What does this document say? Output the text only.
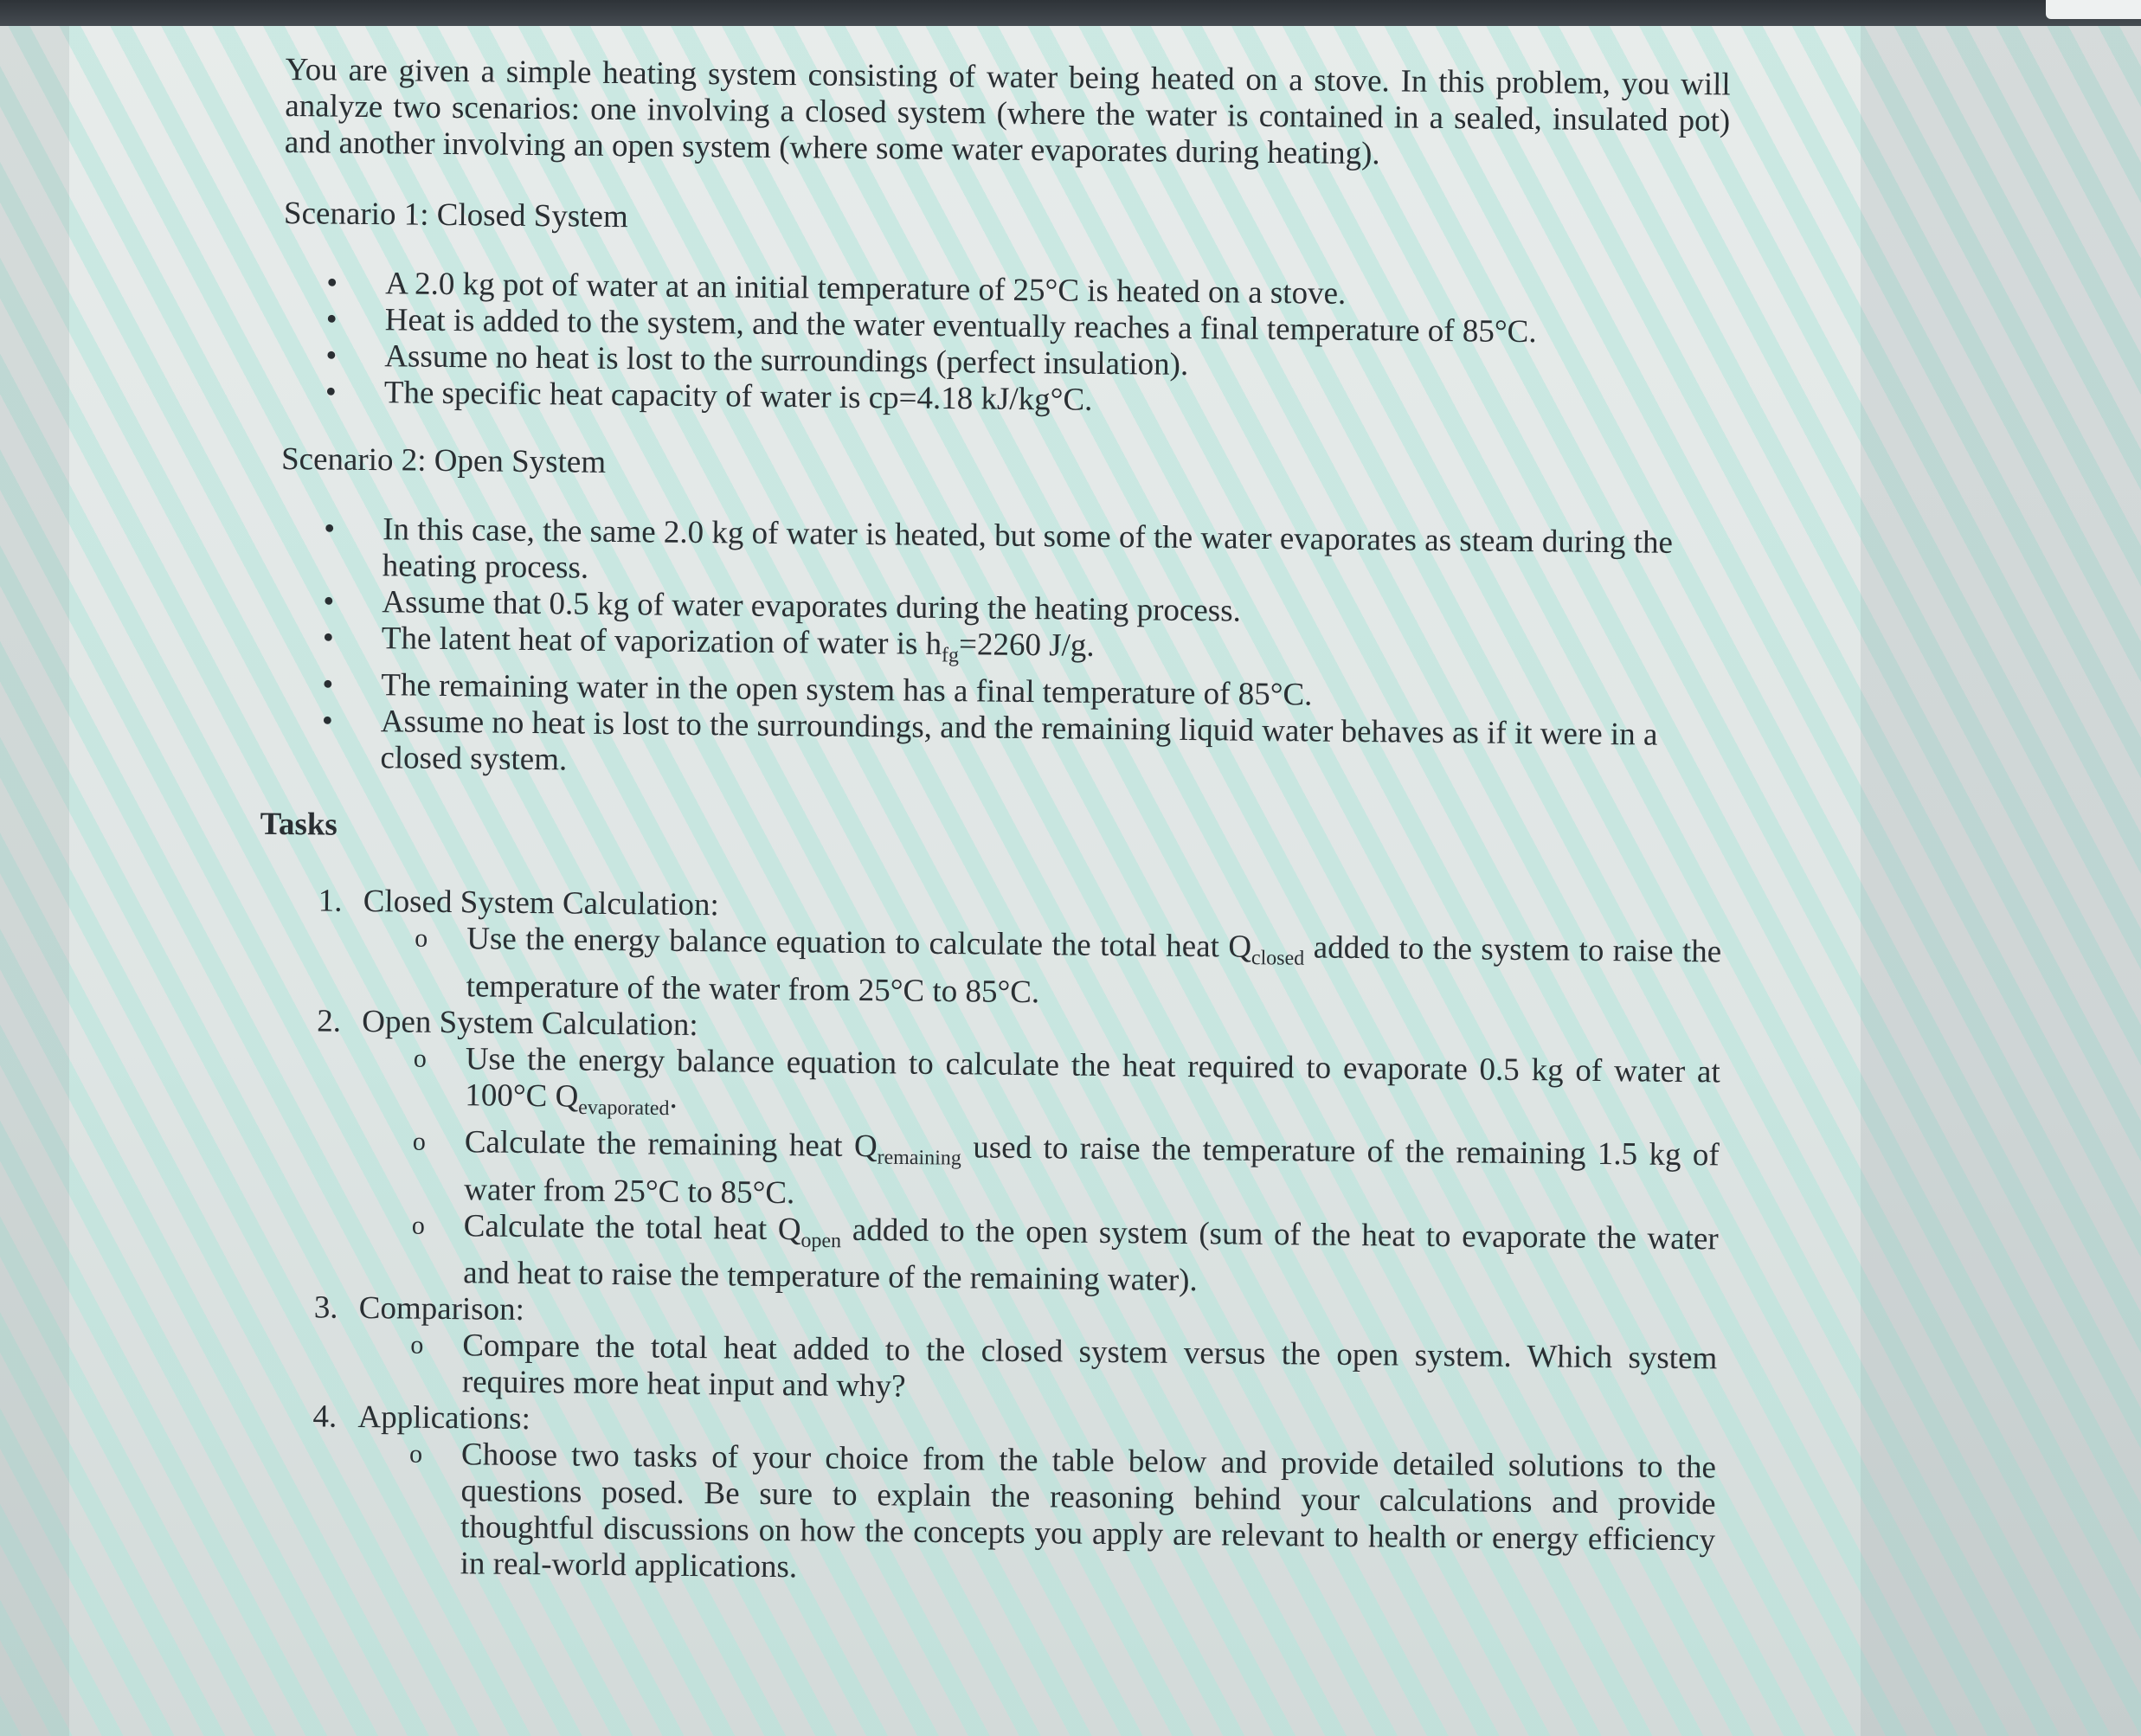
You are given a simple heating system consisting of water being heated on a stove. In this problem, you will analyze two scenarios: one involving a closed system (where the water is contained in a sealed, insulated pot) and another involving an open system (where some water evaporates during heating).

Scenario 1: Closed System

• A 2.0 kg pot of water at an initial temperature of 25°C is heated on a stove.
• Heat is added to the system, and the water eventually reaches a final temperature of 85°C.
• Assume no heat is lost to the surroundings (perfect insulation).
• The specific heat capacity of water is cp=4.18 kJ/kg°C.

Scenario 2: Open System

• In this case, the same 2.0 kg of water is heated, but some of the water evaporates as steam during the heating process.
• Assume that 0.5 kg of water evaporates during the heating process.
• The latent heat of vaporization of water is $h_{fg}=2260$ J/g.
• The remaining water in the open system has a final temperature of 85°C.
• Assume no heat is lost to the surroundings, and the remaining liquid water behaves as if it were in a closed system.

Tasks

1. Closed System Calculation:
o Use the energy balance equation to calculate the total heat $Q_{closed}$ added to the system to raise the temperature of the water from 25°C to 85°C.
2. Open System Calculation:
o Use the energy balance equation to calculate the heat required to evaporate 0.5 kg of water at 100°C $Q_{evaporated}$.
o Calculate the remaining heat $Q_{remaining}$ used to raise the temperature of the remaining 1.5 kg of water from 25°C to 85°C.
o Calculate the total heat $Q_{open}$ added to the open system (sum of the heat to evaporate the water and heat to raise the temperature of the remaining water).
3. Comparison:
o Compare the total heat added to the closed system versus the open system. Which system requires more heat input and why?
4. Applications:
o Choose two tasks of your choice from the table below and provide detailed solutions to the questions posed. Be sure to explain the reasoning behind your calculations and provide thoughtful discussions on how the concepts you apply are relevant to health or energy efficiency in real-world applications.
